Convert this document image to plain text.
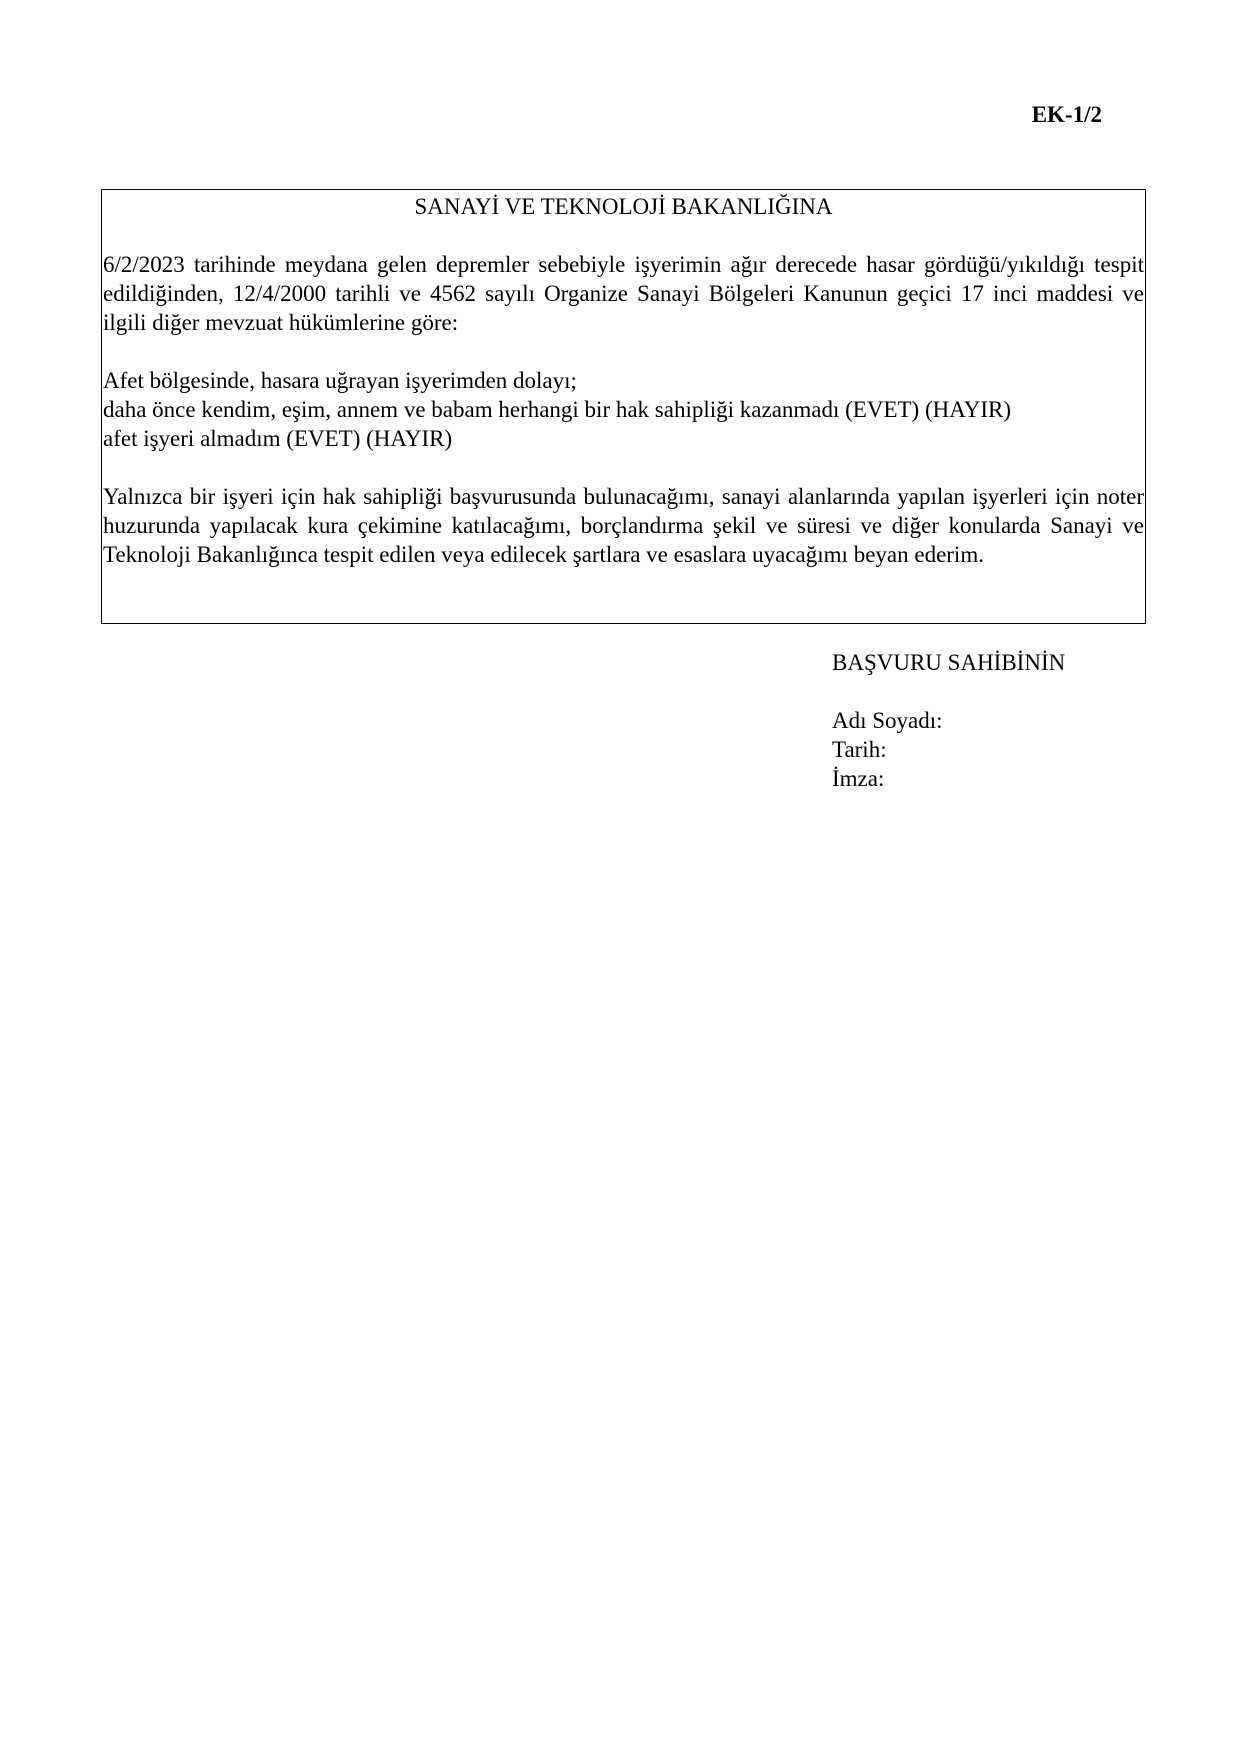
EK-1/2
SANAYİ VE TEKNOLOJİ BAKANLIĞINA

6/2/2023 tarihinde meydana gelen depremler sebebiyle işyerimin ağır derecede hasar gördüğü/yıkıldığı tespit edildiğinden, 12/4/2000 tarihli ve 4562 sayılı Organize Sanayi Bölgeleri Kanunun geçici 17 inci maddesi ve ilgili diğer mevzuat hükümlerine göre:

Afet bölgesinde, hasara uğrayan işyerimden dolayı;
daha önce kendim, eşim, annem ve babam herhangi bir hak sahipliği kazanmadı (EVET) (HAYIR)
afet işyeri almadım (EVET) (HAYIR)

Yalnızca bir işyeri için hak sahipliği başvurusunda bulunacağımı, sanayi alanlarında yapılan işyerleri için noter huzurunda yapılacak kura çekimine katılacağımı, borçlandırma şekil ve süresi ve diğer konularda Sanayi ve Teknoloji Bakanlığınca tespit edilen veya edilecek şartlara ve esaslara uyacağımı beyan ederim.

BAŞVURU SAHİBİNİN
Adı Soyadı:
Tarih:
İmza:
